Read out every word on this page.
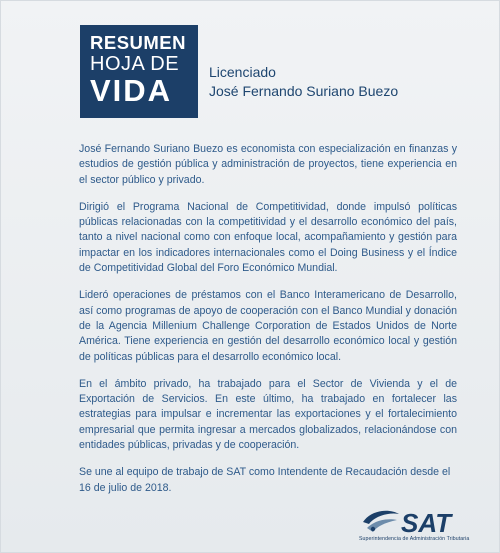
RESUMEN
HOJA DE
VIDA
Licenciado
José Fernando Suriano Buezo

José Fernando Suriano Buezo es economista con especialización en finanzas y estudios de gestión pública y administración de proyectos, tiene experiencia en el sector público y privado.

Dirigió el Programa Nacional de Competitividad, donde impulsó políticas públicas relacionadas con la competitividad y el desarrollo económico del país, tanto a nivel nacional como con enfoque local, acompañamiento y gestión para impactar en los indicadores internacionales como el Doing Business y el Índice de Competitividad Global del Foro Económico Mundial.

Lideró operaciones de préstamos con el Banco Interamericano de Desarrollo, así como programas de apoyo de cooperación con el Banco Mundial y donación de la Agencia Millenium Challenge Corporation de Estados Unidos de Norte América. Tiene experiencia en gestión del desarrollo económico local y gestión de políticas públicas para el desarrollo económico local.

En el ámbito privado, ha trabajado para el Sector de Vivienda y el de Exportación de Servicios. En este último, ha trabajado en fortalecer las estrategias para impulsar e incrementar las exportaciones y el fortalecimiento empresarial que permita ingresar a mercados globalizados, relacionándose con entidades públicas, privadas y de cooperación.

Se une al equipo de trabajo de SAT como Intendente de Recaudación desde el 16 de julio de 2018.

SAT
Superintendencia de Administración Tributaria
